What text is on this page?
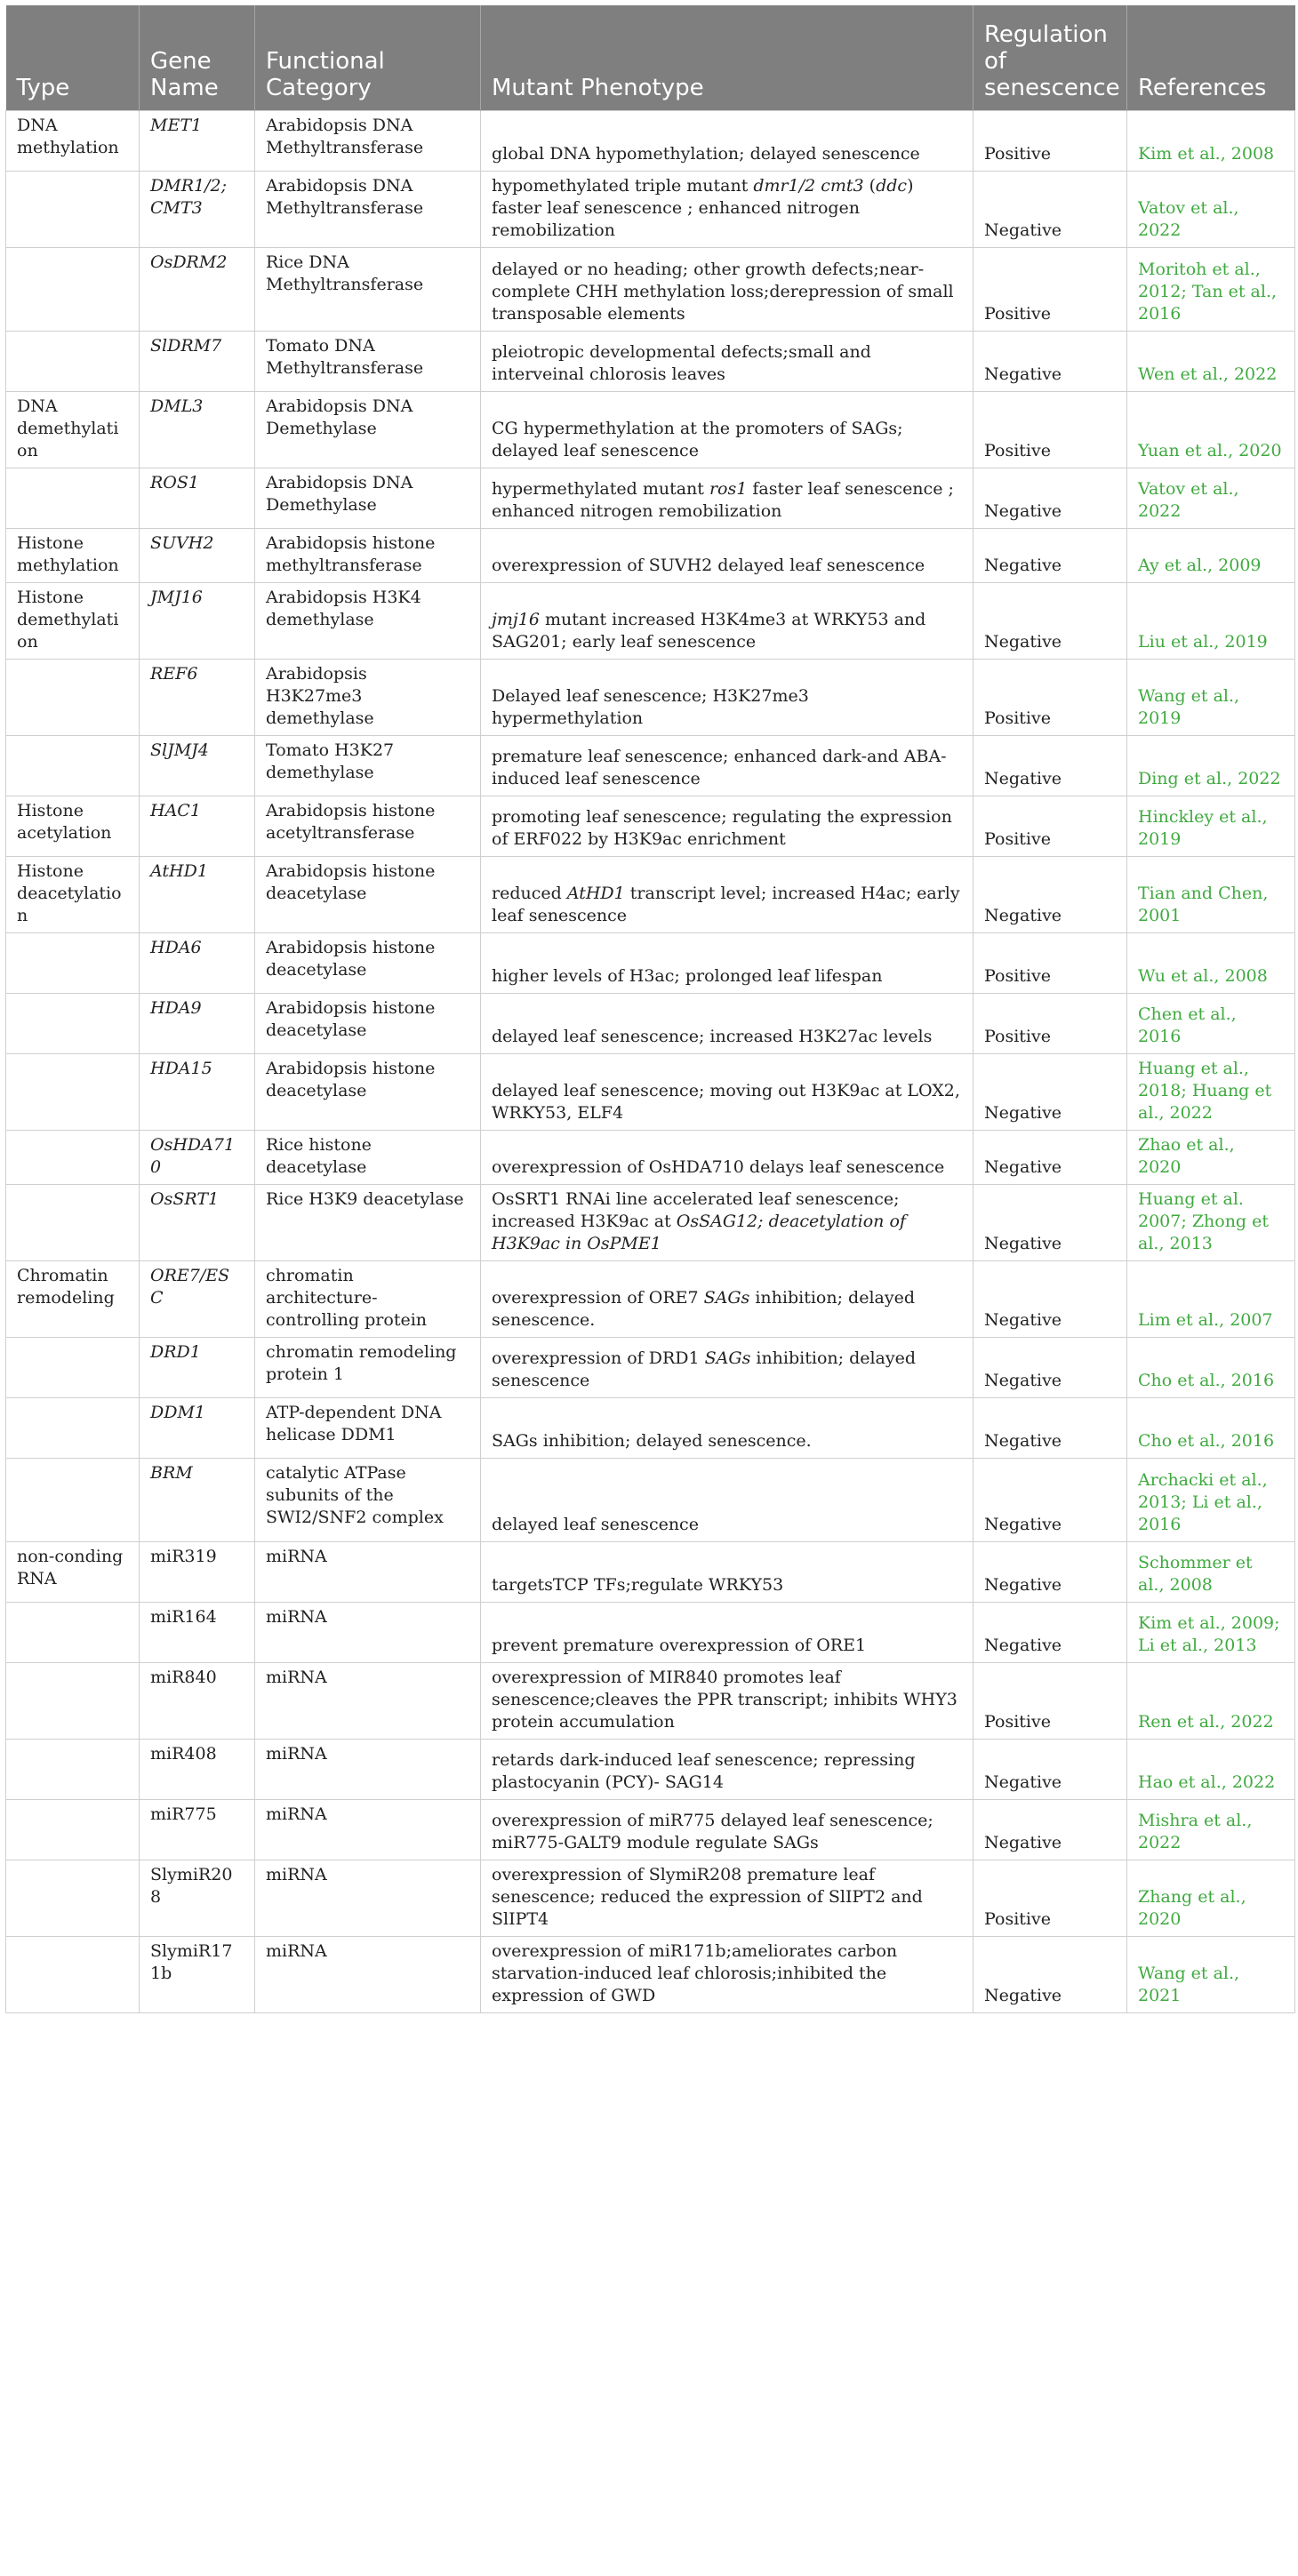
Type	Gene Name	Functional Category	Mutant Phenotype	Regulation of senescence	References
DNA methylation	MET1	Arabidopsis DNA Methyltransferase	global DNA hypomethylation; delayed senescence	Positive	Kim et al., 2008
	DMR1/2; CMT3	Arabidopsis DNA Methyltransferase	hypomethylated triple mutant dmr1/2 cmt3 (ddc) faster leaf senescence ; enhanced nitrogen remobilization	Negative	Vatov et al., 2022
	OsDRM2	Rice DNA Methyltransferase	delayed or no heading; other growth defects;near-complete CHH methylation loss;derepression of small transposable elements	Positive	Moritoh et al., 2012; Tan et al., 2016
	SlDRM7	Tomato DNA Methyltransferase	pleiotropic developmental defects;small and interveinal chlorosis leaves	Negative	Wen et al., 2022
DNA demethylation	DML3	Arabidopsis DNA Demethylase	CG hypermethylation at the promoters of SAGs; delayed leaf senescence	Positive	Yuan et al., 2020
	ROS1	Arabidopsis DNA Demethylase	hypermethylated mutant ros1 faster leaf senescence ; enhanced nitrogen remobilization	Negative	Vatov et al., 2022
Histone methylation	SUVH2	Arabidopsis histone methyltransferase	overexpression of SUVH2 delayed leaf senescence	Negative	Ay et al., 2009
Histone demethylation	JMJ16	Arabidopsis H3K4 demethylase	jmj16 mutant increased H3K4me3 at WRKY53 and SAG201; early leaf senescence	Negative	Liu et al., 2019
	REF6	Arabidopsis H3K27me3 demethylase	Delayed leaf senescence; H3K27me3 hypermethylation	Positive	Wang et al., 2019
	SlJMJ4	Tomato H3K27 demethylase	premature leaf senescence; enhanced dark-and ABA- induced leaf senescence	Negative	Ding et al., 2022
Histone acetylation	HAC1	Arabidopsis histone acetyltransferase	promoting leaf senescence; regulating the expression of ERF022 by H3K9ac enrichment	Positive	Hinckley et al., 2019
Histone deacetylation	AtHD1	Arabidopsis histone deacetylase	reduced AtHD1 transcript level; increased H4ac; early leaf senescence	Negative	Tian and Chen, 2001
	HDA6	Arabidopsis histone deacetylase	higher levels of H3ac; prolonged leaf lifespan	Positive	Wu et al., 2008
	HDA9	Arabidopsis histone deacetylase	delayed leaf senescence; increased H3K27ac levels	Positive	Chen et al., 2016
	HDA15	Arabidopsis histone deacetylase	delayed leaf senescence; moving out H3K9ac at LOX2, WRKY53, ELF4	Negative	Huang et al., 2018; Huang et al., 2022
	OsHDA710	Rice histone deacetylase	overexpression of OsHDA710 delays leaf senescence	Negative	Zhao et al., 2020
	OsSRT1	Rice H3K9 deacetylase	OsSRT1 RNAi line accelerated leaf senescence; increased H3K9ac at OsSAG12; deacetylation of H3K9ac in OsPME1	Negative	Huang et al. 2007; Zhong et al., 2013
Chromatin remodeling	ORE7/ESC	chromatin architecture-controlling protein	overexpression of ORE7 SAGs inhibition; delayed senescence.	Negative	Lim et al., 2007
	DRD1	chromatin remodeling protein 1	overexpression of DRD1 SAGs inhibition; delayed senescence	Negative	Cho et al., 2016
	DDM1	ATP-dependent DNA helicase DDM1	SAGs inhibition; delayed senescence.	Negative	Cho et al., 2016
	BRM	catalytic ATPase subunits of the SWI2/SNF2 complex	delayed leaf senescence	Negative	Archacki et al., 2013; Li et al., 2016
non-conding RNA	miR319	miRNA	targetsTCP TFs;regulate WRKY53	Negative	Schommer et al., 2008
	miR164	miRNA	prevent premature overexpression of ORE1	Negative	Kim et al., 2009; Li et al., 2013
	miR840	miRNA	overexpression of MIR840 promotes leaf senescence;cleaves the PPR transcript; inhibits WHY3 protein accumulation	Positive	Ren et al., 2022
	miR408	miRNA	retards dark-induced leaf senescence; repressing plastocyanin (PCY)- SAG14	Negative	Hao et al., 2022
	miR775	miRNA	overexpression of miR775 delayed leaf senescence; miR775-GALT9 module regulate SAGs	Negative	Mishra et al., 2022
	SlymiR208	miRNA	overexpression of SlymiR208 premature leaf senescence; reduced the expression of SlIPT2 and SlIPT4	Positive	Zhang et al., 2020
	SlymiR171b	miRNA	overexpression of miR171b;ameliorates carbon starvation-induced leaf chlorosis;inhibited the expression of GWD	Negative	Wang et al., 2021
